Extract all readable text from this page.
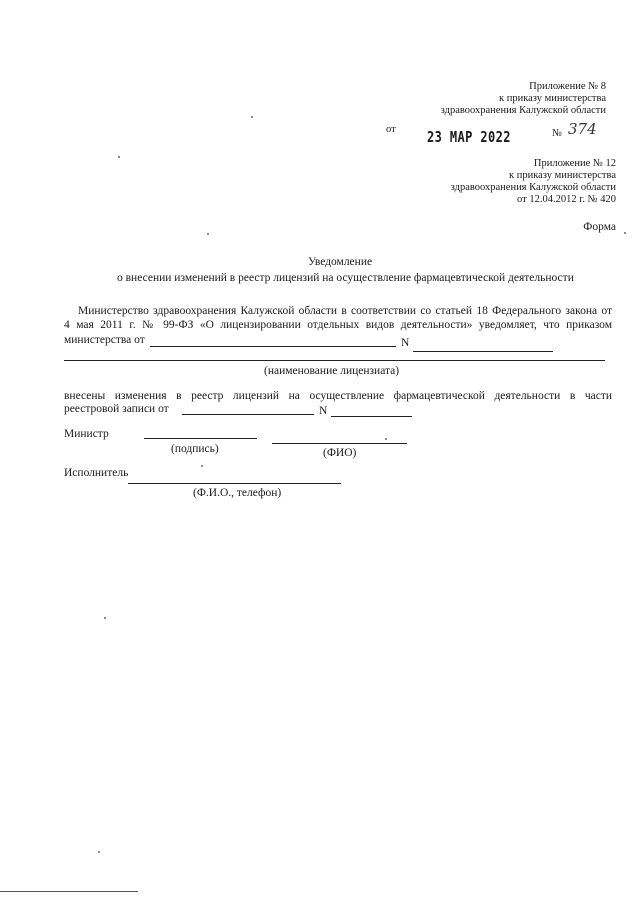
Приложение № 8
к приказу министерства
здравоохранения Калужской области
от 23 МАР 2022	№ 374
Приложение № 12
к приказу министерства
здравоохранения Калужской области
от 12.04.2012 г. № 420
Форма
Уведомление
о внесении изменений в реестр лицензий на осуществление фармацевтической деятельности
Министерство здравоохранения Калужской области в соответствии со статьей 18 Федерального закона от
4 мая 2011 г. № 99-ФЗ «О лицензировании отдельных видов деятельности» уведомляет, что приказом
министерства от	N
(наименование лицензиата)
внесены изменения в реестр лицензий на осуществление фармацевтической деятельности в части
реестровой записи от	N
Министр
(подпись)	(ФИО)
Исполнитель
(Ф.И.О., телефон)
